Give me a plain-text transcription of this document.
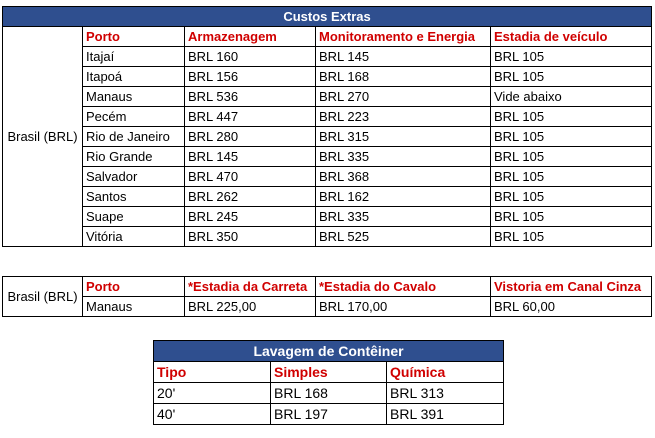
Custos Extras				
Brasil (BRL)	Porto	Armazenagem	Monitoramento e Energia	Estadia de veículo
	Itajaí	BRL 160	BRL 145	BRL 105
	Itapoá	BRL 156	BRL 168	BRL 105
	Manaus	BRL 536	BRL 270	Vide abaixo
	Pecém	BRL 447	BRL 223	BRL 105
	Rio de Janeiro	BRL 280	BRL 315	BRL 105
	Rio Grande	BRL 145	BRL 335	BRL 105
	Salvador	BRL 470	BRL 368	BRL 105
	Santos	BRL 262	BRL 162	BRL 105
	Suape	BRL 245	BRL 335	BRL 105
	Vitória	BRL 350	BRL 525	BRL 105
Brasil (BRL)	Porto	*Estadia da Carreta	*Estadia do Cavalo	Vistoria em Canal Cinza
	Manaus	BRL 225,00	BRL 170,00	BRL 60,00
Lavagem de Contêiner		
Tipo	Simples	Química
20'	BRL 168	BRL 313
40'	BRL 197	BRL 391
